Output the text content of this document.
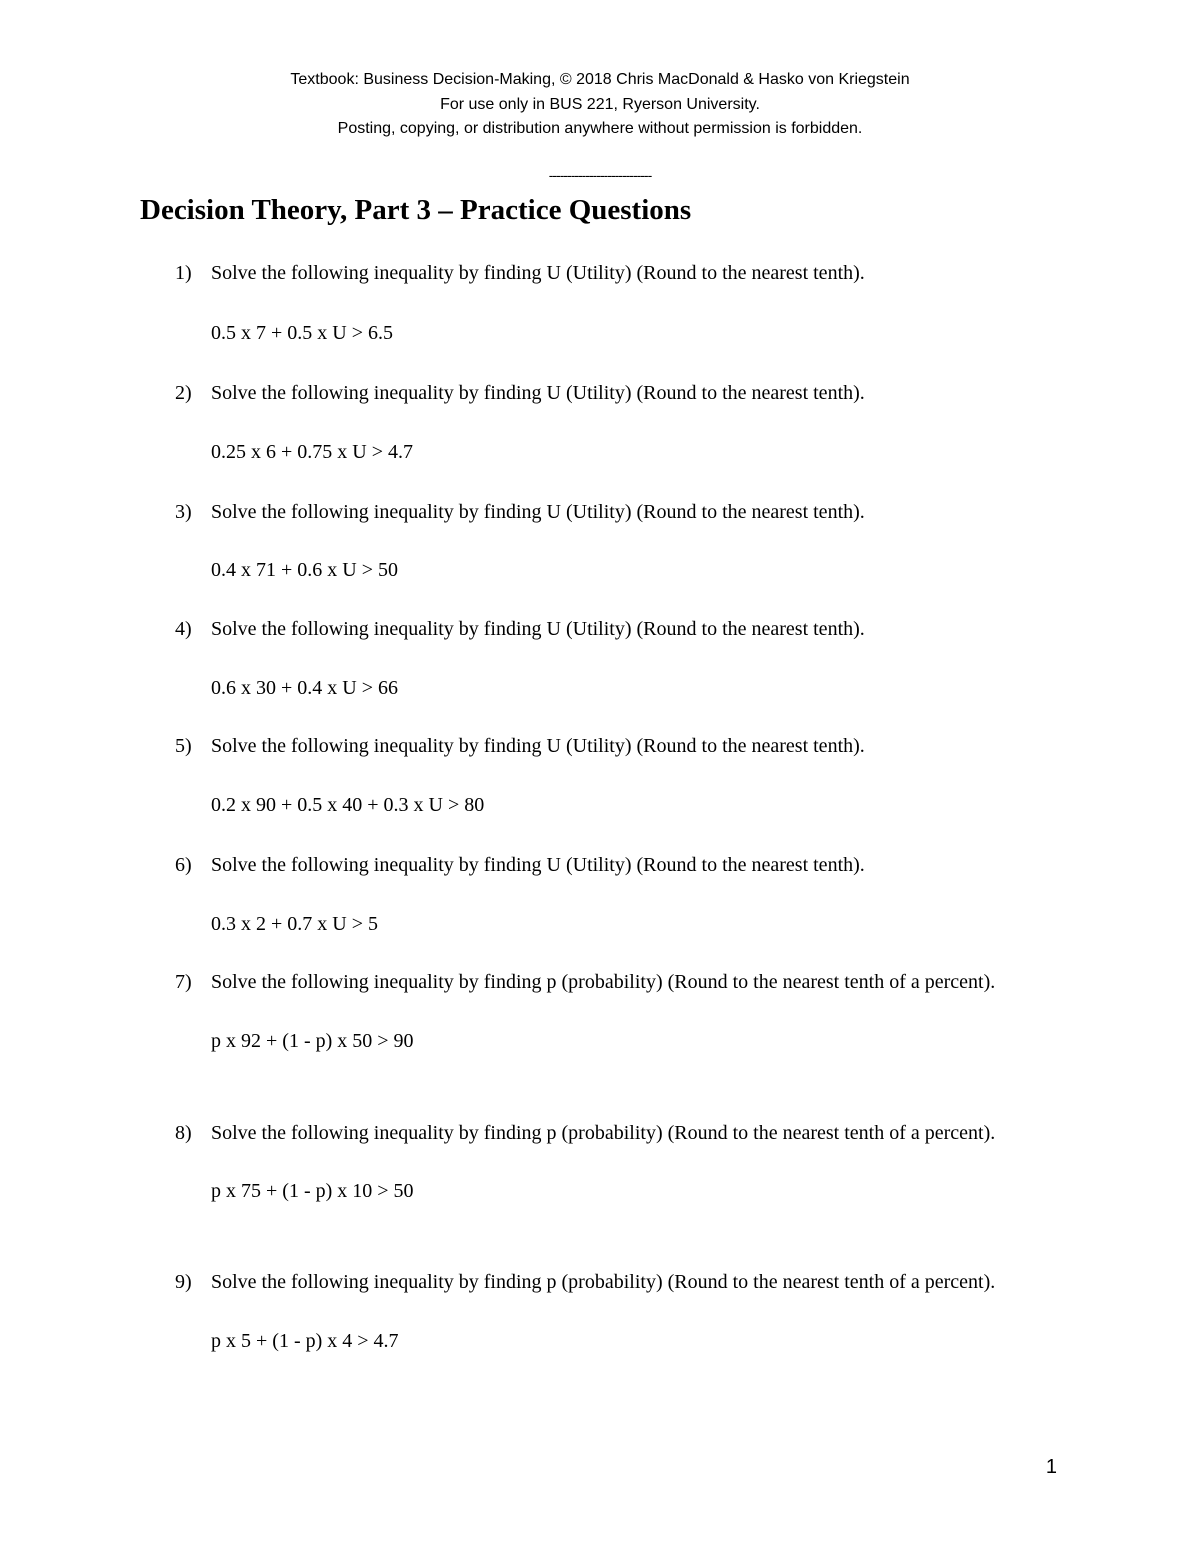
Textbook: Business Decision-Making, © 2018 Chris MacDonald & Hasko von Kriegstein
For use only in BUS 221, Ryerson University.
Posting, copying, or distribution anywhere without permission is forbidden.
----------------------------
Decision Theory, Part 3 – Practice Questions
1) Solve the following inequality by finding U (Utility) (Round to the nearest tenth).
0.5 x 7 + 0.5 x U > 6.5
2) Solve the following inequality by finding U (Utility) (Round to the nearest tenth).
0.25 x 6 + 0.75 x U > 4.7
3) Solve the following inequality by finding U (Utility) (Round to the nearest tenth).
0.4 x 71 + 0.6 x U > 50
4) Solve the following inequality by finding U (Utility) (Round to the nearest tenth).
0.6 x 30 + 0.4 x U > 66
5) Solve the following inequality by finding U (Utility) (Round to the nearest tenth).
0.2 x 90 + 0.5 x 40 + 0.3 x U > 80
6) Solve the following inequality by finding U (Utility) (Round to the nearest tenth).
0.3 x 2 + 0.7 x U > 5
7) Solve the following inequality by finding p (probability) (Round to the nearest tenth of a percent).
p x 92 + (1 - p) x 50 > 90
8) Solve the following inequality by finding p (probability) (Round to the nearest tenth of a percent).
p x 75 + (1 - p) x 10 > 50
9) Solve the following inequality by finding p (probability) (Round to the nearest tenth of a percent).
p x 5 + (1 - p) x 4 > 4.7
1
